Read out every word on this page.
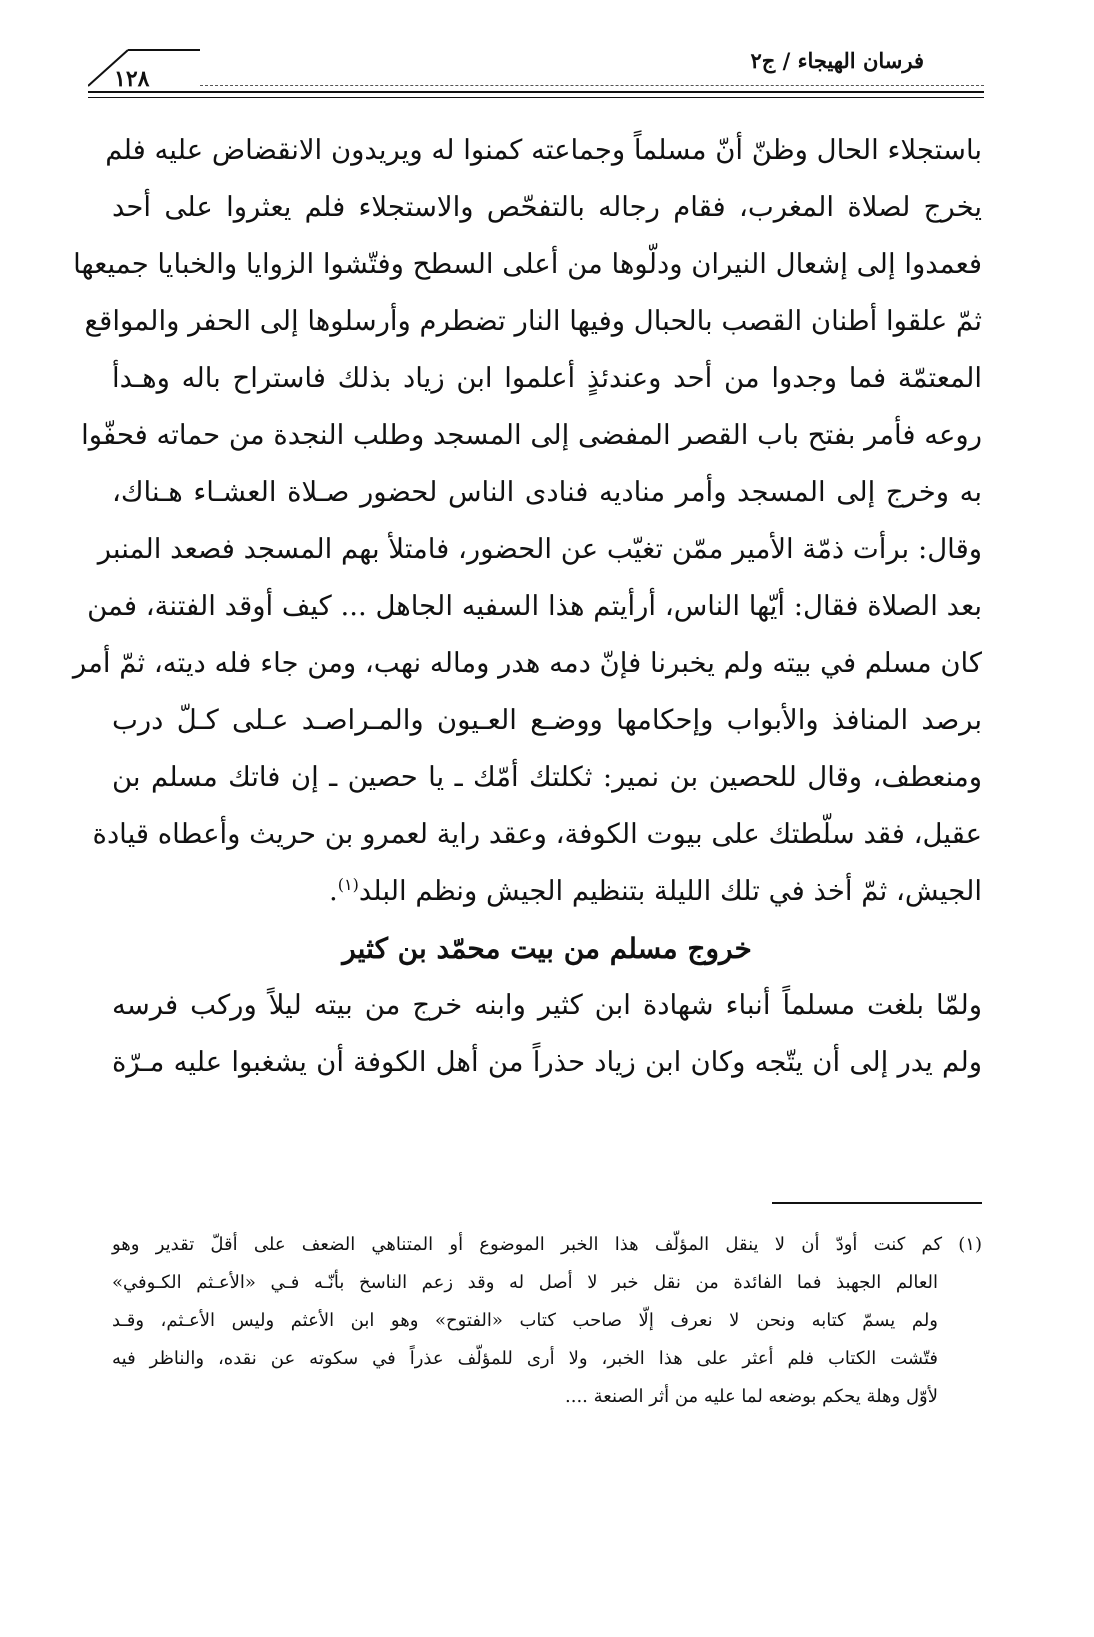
١٢٨
فرسان الهيجاء / ج٢
باستجلاء الحال وظنّ أنّ مسلماً وجماعته كمنوا له ويريدون الانقضاض عليه فلم
يخرج لصلاة المغرب، فقام رجاله بالتفحّص والاستجلاء فلم يعثروا على أحد
فعمدوا إلى إشعال النيران ودلّوها من أعلى السطح وفتّشوا الزوايا والخبايا جميعها
ثمّ علقوا أطنان القصب بالحبال وفيها النار تضطرم وأرسلوها إلى الحفر والمواقع
المعتمّة فما وجدوا من أحد وعندئذٍ أعلموا ابن زياد بذلك فاستراح باله وهـدأ
روعه فأمر بفتح باب القصر المفضى إلى المسجد وطلب النجدة من حماته فحفّوا
به وخرج إلى المسجد وأمر مناديه فنادى الناس لحضور صـلاة العشـاء هـناك،
وقال: برأت ذمّة الأمير ممّن تغيّب عن الحضور، فامتلأ بهم المسجد فصعد المنبر
بعد الصلاة فقال: أيّها الناس، أرأيتم هذا السفيه الجاهل ... كيف أوقد الفتنة، فمن
كان مسلم في بيته ولم يخبرنا فإنّ دمه هدر وماله نهب، ومن جاء فله ديته، ثمّ أمر
برصد المنافذ والأبواب وإحكامها ووضـع العـيون والمـراصـد عـلى كـلّ درب
ومنعطف، وقال للحصين بن نمير: ثكلتك أمّك ـ يا حصين ـ إن فاتك مسلم بن
عقيل، فقد سلّطتك على بيوت الكوفة، وعقد راية لعمرو بن حريث وأعطاه قيادة
الجيش، ثمّ أخذ في تلك الليلة بتنظيم الجيش ونظم البلد$^{(١)}$.
خروج مسلم من بيت محمّد بن كثير
ولمّا بلغت مسلماً أنباء شهادة ابن كثير وابنه خرج من بيته ليلاً وركب فرسه
ولم يدر إلى أن يتّجه وكان ابن زياد حذراً من أهل الكوفة أن يشغبوا عليه مـرّة
(١) كم كنت أودّ أن لا ينقل المؤلّف هذا الخبر الموضوع أو المتناهي الضعف على أقلّ تقدير وهو
العالم الجهبذ فما الفائدة من نقل خبر لا أصل له وقد زعم الناسخ بأنّـه فـي «الأعـثم الكـوفي»
ولم يسمّ كتابه ونحن لا نعرف إلّا صاحب كتاب «الفتوح» وهو ابن الأعثم وليس الأعـثم، وقـد
فتّشت الكتاب فلم أعثر على هذا الخبر، ولا أرى للمؤلّف عذراً في سكوته عن نقده، والناظر فيه
لأوّل وهلة يحكم بوضعه لما عليه من أثر الصنعة ....
